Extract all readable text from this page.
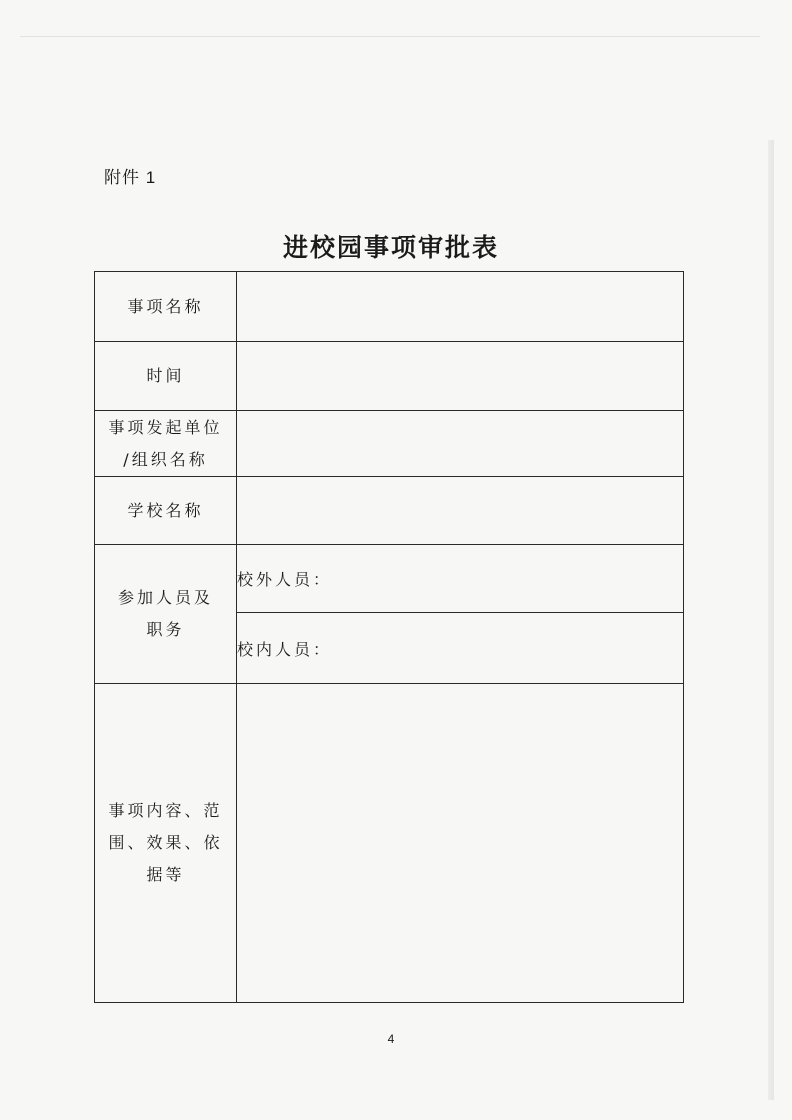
附件 1
进校园事项审批表
事项名称	
时间	

事项发起单位
/组织名称	

学校名称	

参加人员及
职务	校外人员：
	校内人员：

事项内容、范
围、效果、依
据等	

4
